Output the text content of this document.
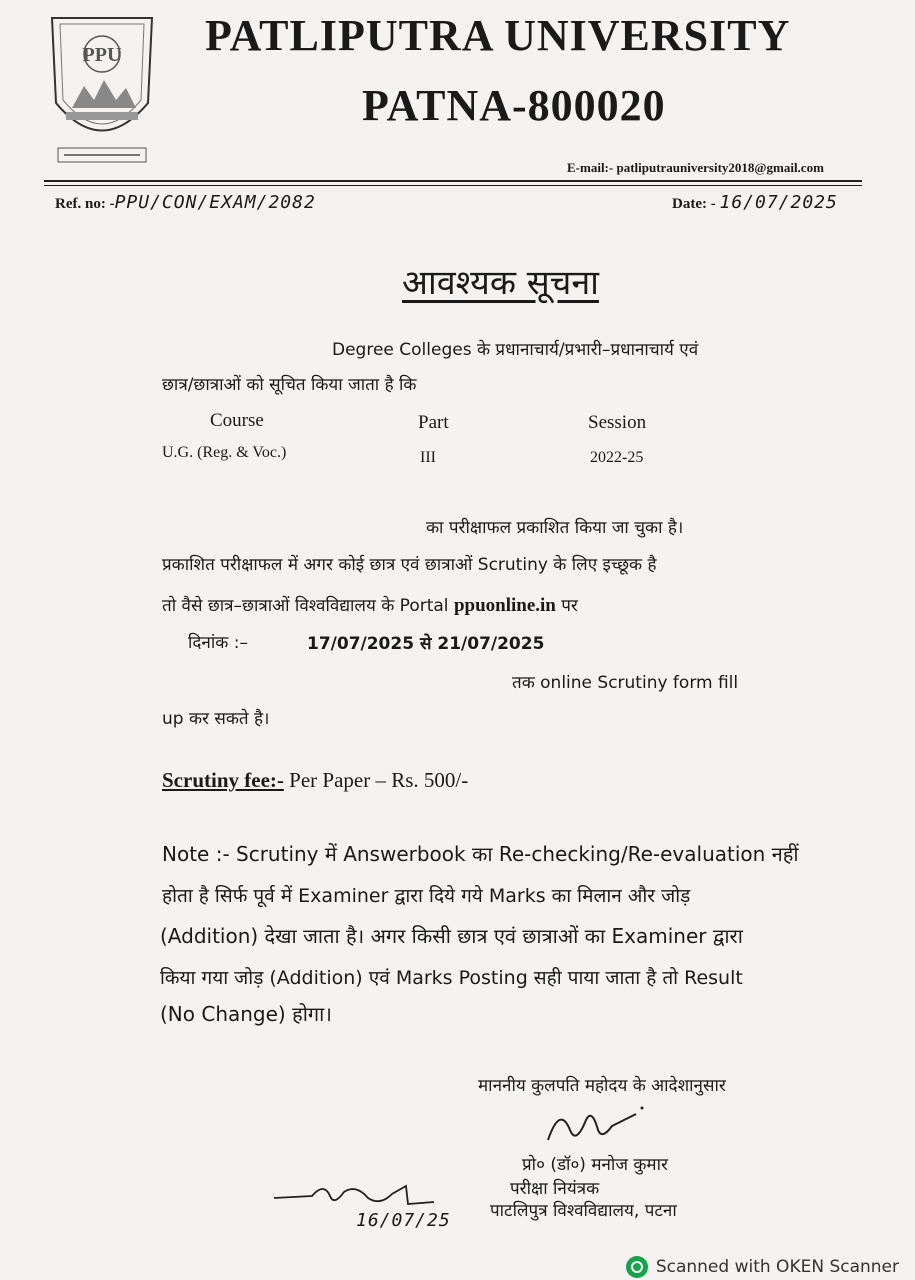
PPU PATLIPUTRA UNIVERSITY
PATNA-800020
E-mail:- patliputrauniversity2018@gmail.com
Ref. no: -PPU/CON/EXAM/2082	Date: - 16/07/2025
आवश्यक सूचना
Degree Colleges के प्रधानाचार्य/प्रभारी–प्रधानाचार्य एवं
छात्र/छात्राओं को सूचित किया जाता है कि
Course	Part	Session
U.G. (Reg. & Voc.)	III	2022-25
का परीक्षाफल प्रकाशित किया जा चुका है।
प्रकाशित परीक्षाफल में अगर कोई छात्र एवं छात्राओं Scrutiny के लिए इच्छूक है
तो वैसे छात्र–छात्राओं विश्वविद्यालय के Portal ppuonline.in पर
दिनांक :–	17/07/2025 से 21/07/2025
तक online Scrutiny form fill
up कर सकते है।
Scrutiny fee:- Per Paper – Rs. 500/-
Note :- Scrutiny में Answerbook का Re-checking/Re-evaluation नहीं
होता है सिर्फ पूर्व में Examiner द्वारा दिये गये Marks का मिलान और जोड़
(Addition) देखा जाता है। अगर किसी छात्र एवं छात्राओं का Examiner द्वारा
किया गया जोड़ (Addition) एवं Marks Posting सही पाया जाता है तो Result
(No Change) होगा।
माननीय कुलपति महोदय के आदेशानुसार
प्रो० (डॉ०) मनोज कुमार
परीक्षा नियंत्रक
पाटलिपुत्र विश्वविद्यालय, पटना
16/07/25
Scanned with OKEN Scanner
